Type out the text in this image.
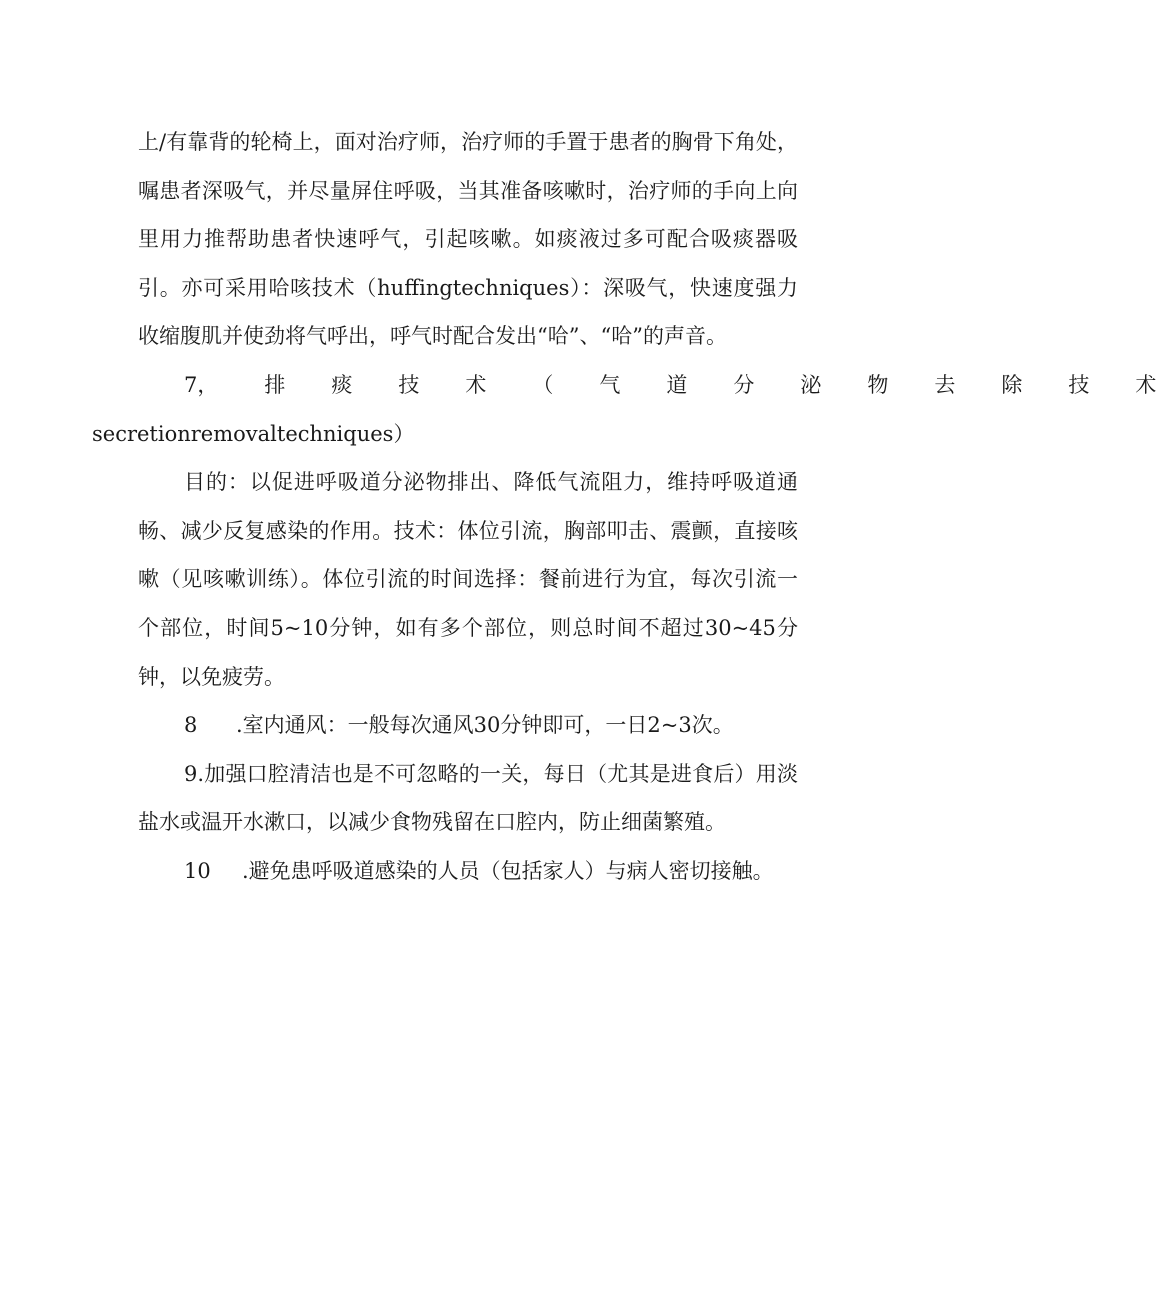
上/有靠背的轮椅上，面对治疗师，治疗师的手置于患者的胸骨下角处，嘱患者深吸气，并尽量屏住呼吸，当其准备咳嗽时，治疗师的手向上向里用力推帮助患者快速呼气，引起咳嗽。如痰液过多可配合吸痰器吸引。亦可采用哈咳技术（huffingtechniques）：深吸气，快速度强力收缩腹肌并使劲将气呼出，呼气时配合发出“哈”、“哈”的声音。

7，	排	痰	技	术	（	气	道	分	泌	物	去	除	技	术
secretionremovaltechniques）

目的：以促进呼吸道分泌物排出、降低气流阻力，维持呼吸道通畅、减少反复感染的作用。技术：体位引流，胸部叩击、震颤，直接咳嗽（见咳嗽训练）。体位引流的时间选择：餐前进行为宜，每次引流一个部位，时间5~10分钟，如有多个部位，则总时间不超过30~45分钟，以免疲劳。

8 .室内通风：一般每次通风30分钟即可，一日2~3次。

9.加强口腔清洁也是不可忽略的一关，每日（尤其是进食后）用淡盐水或温开水漱口，以减少食物残留在口腔内，防止细菌繁殖。

10 .避免患呼吸道感染的人员（包括家人）与病人密切接触。
